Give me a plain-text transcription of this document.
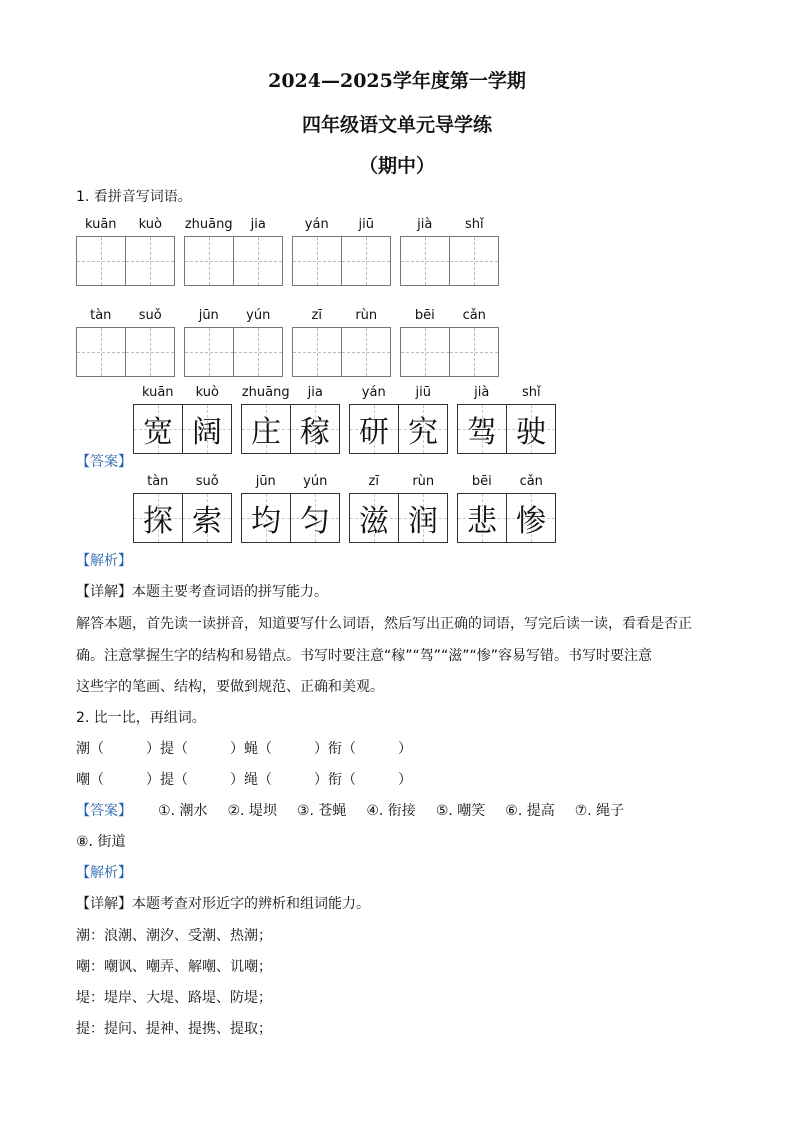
2024—2025学年度第一学期
四年级语文单元导学练
（期中）
1. 看拼音写词语。
kuān	kuò	zhuāng	jia	yán	jiū	jià	shǐ
tàn	suǒ	jūn	yún	zī	rùn	bēi	cǎn
kuān	kuò
宽 阔
zhuāng	jia
庄 稼
yán	jiū
研 究
jià	shǐ
驾 驶
【答案】
tàn	suǒ
探 索
jūn	yún
均 匀
zī	rùn
滋 润
bēi	cǎn
悲 惨
【解析】
【详解】本题主要考查词语的拼写能力。
解答本题，首先读一读拼音，知道要写什么词语，然后写出正确的词语，写完后读一读，看看是否正
确。注意掌握生字的结构和易错点。书写时要注意“稼”“驾”“滋”“惨”容易写错。书写时要注意
这些字的笔画、结构，要做到规范、正确和美观。
2. 比一比，再组词。
潮（　　　）提（　　　）蝇（　　　）衔（　　　）
嘲（　　　）提（　　　）绳（　　　）衔（　　　）
【答案】 ①. 潮水 ②. 堤坝 ③. 苍蝇 ④. 衔接 ⑤. 嘲笑 ⑥. 提高 ⑦. 绳子
⑧. 街道
【解析】
【详解】本题考查对形近字的辨析和组词能力。
潮：浪潮、潮汐、受潮、热潮；
嘲：嘲讽、嘲弄、解嘲、讥嘲；
堤：堤岸、大堤、路堤、防堤；
提：提问、提神、提携、提取；
